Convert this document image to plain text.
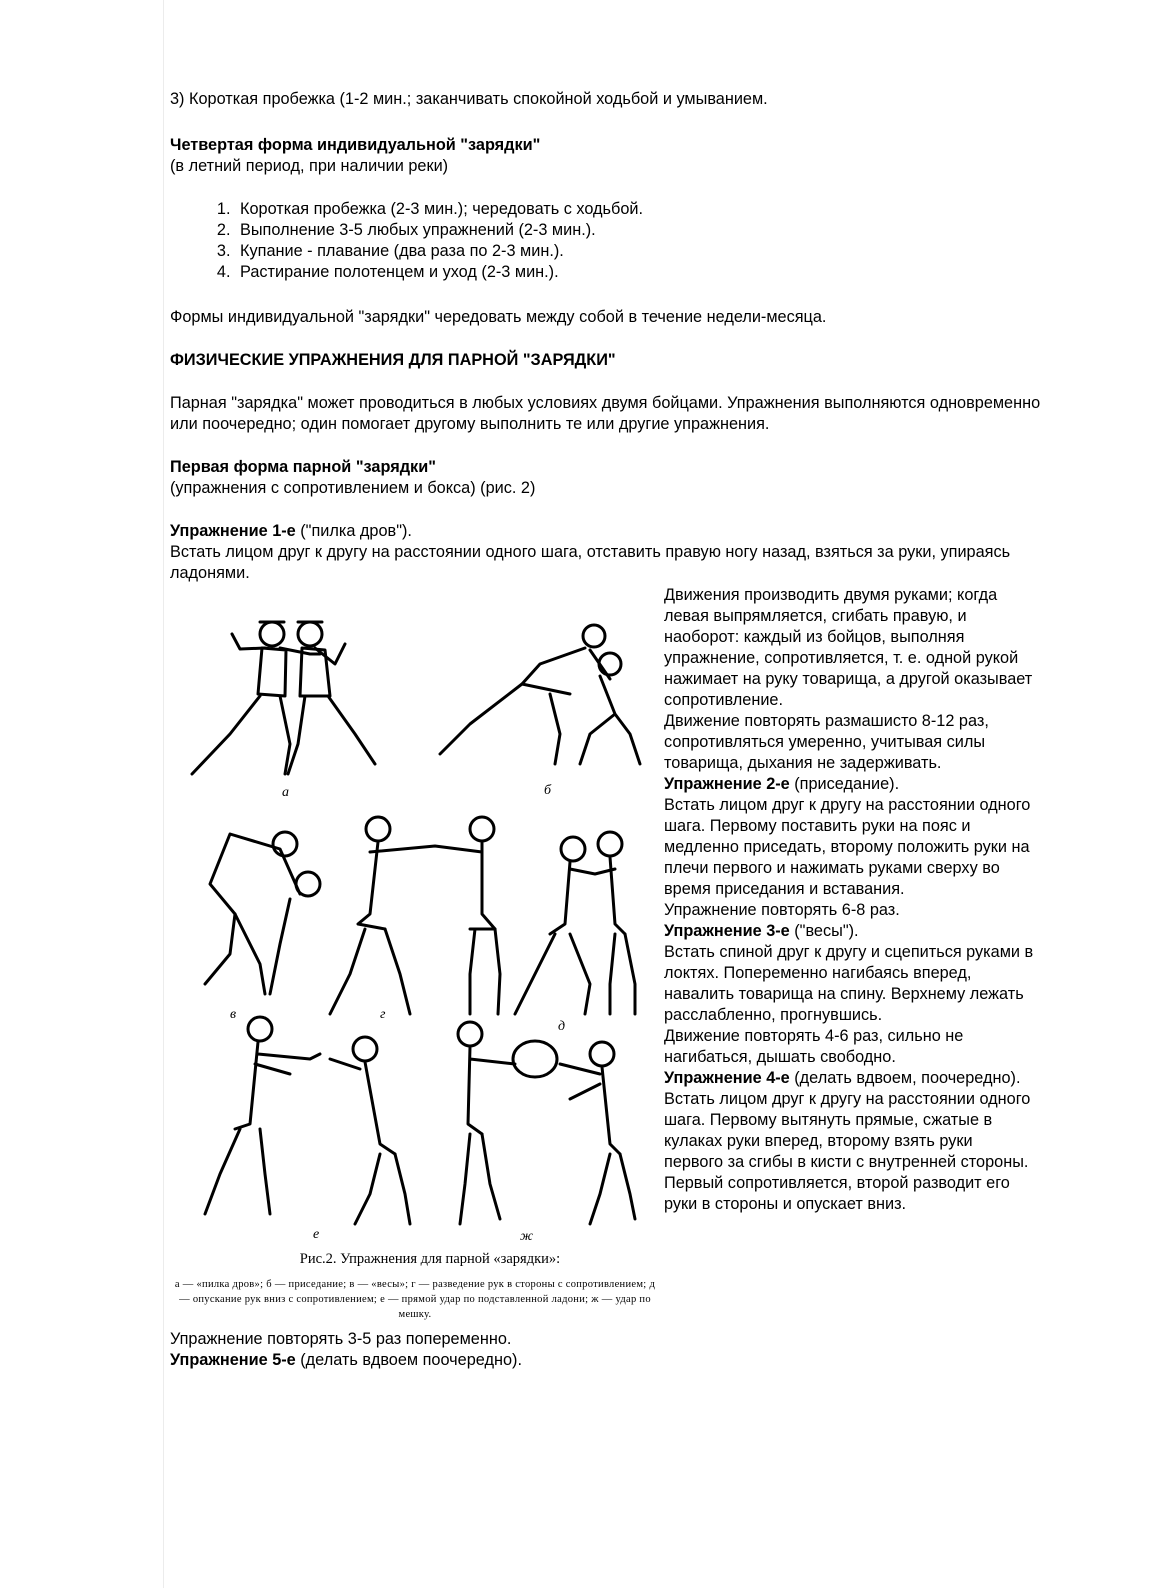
3) Короткая пробежка (1-2 мин.; заканчивать спокойной ходьбой и умыванием.

Четвертая форма индивидуальной "зарядки"

(в летний период, при наличии реки)

1. Короткая пробежка (2-3 мин.); чередовать с ходьбой.
2. Выполнение 3-5 любых упражнений (2-3 мин.).
3. Купание - плавание (два раза по 2-3 мин.).
4. Растирание полотенцем и уход (2-3 мин.).

Формы индивидуальной "зарядки" чередовать между собой в течение недели-месяца.

ФИЗИЧЕСКИЕ УПРАЖНЕНИЯ ДЛЯ ПАРНОЙ "ЗАРЯДКИ"

Парная "зарядка" может проводиться в любых условиях двумя бойцами. Упражнения выполняются одновременно или поочередно; один помогает другому выполнить те или другие упражнения.

Первая форма парной "зарядки"

(упражнения с сопротивлением и бокса) (рис. 2)

Упражнение 1-е ("пилка дров").

Встать лицом друг к другу на расстоянии одного шага, отставить правую ногу назад, взяться за руки, упираясь ладонями.

а	б
в	г
д
е	ж
Рис.2. Упражнения для парной «зарядки»:
а — «пилка дров»; б — приседание; в — «весы»; г — разведение рук в стороны с сопротивлением; д — опускание рук вниз с сопротивлением; е — прямой удар по подставленной ладони; ж — удар по мешку.

Движения производить двумя руками; когда левая выпрямляется, сгибать правую, и наоборот: каждый из бойцов, выполняя упражнение, сопротивляется, т. е. одной рукой нажимает на руку товарища, а другой оказывает сопротивление.

Движение повторять размашисто 8-12 раз, сопротивляться умеренно, учитывая силы товарища, дыхания не задерживать.

Упражнение 2-е (приседание).

Встать лицом друг к другу на расстоянии одного шага. Первому поставить руки на пояс и медленно приседать, второму положить руки на плечи первого и нажимать руками сверху во время приседания и вставания.

Упражнение повторять 6-8 раз.

Упражнение 3-е ("весы").

Встать спиной друг к другу и сцепиться руками в локтях. Попеременно нагибаясь вперед, навалить товарища на спину. Верхнему лежать расслабленно, прогнувшись.

Движение повторять 4-6 раз, сильно не нагибаться, дышать свободно.

Упражнение 4-е (делать вдвоем, поочередно).

Встать лицом друг к другу на расстоянии одного шага. Первому вытянуть прямые, сжатые в кулаках руки вперед, второму взять руки первого за сгибы в кисти с внутренней стороны. Первый сопротивляется, второй разводит его руки в стороны и опускает вниз.

Упражнение повторять 3-5 раз попеременно.

Упражнение 5-е (делать вдвоем поочередно).
